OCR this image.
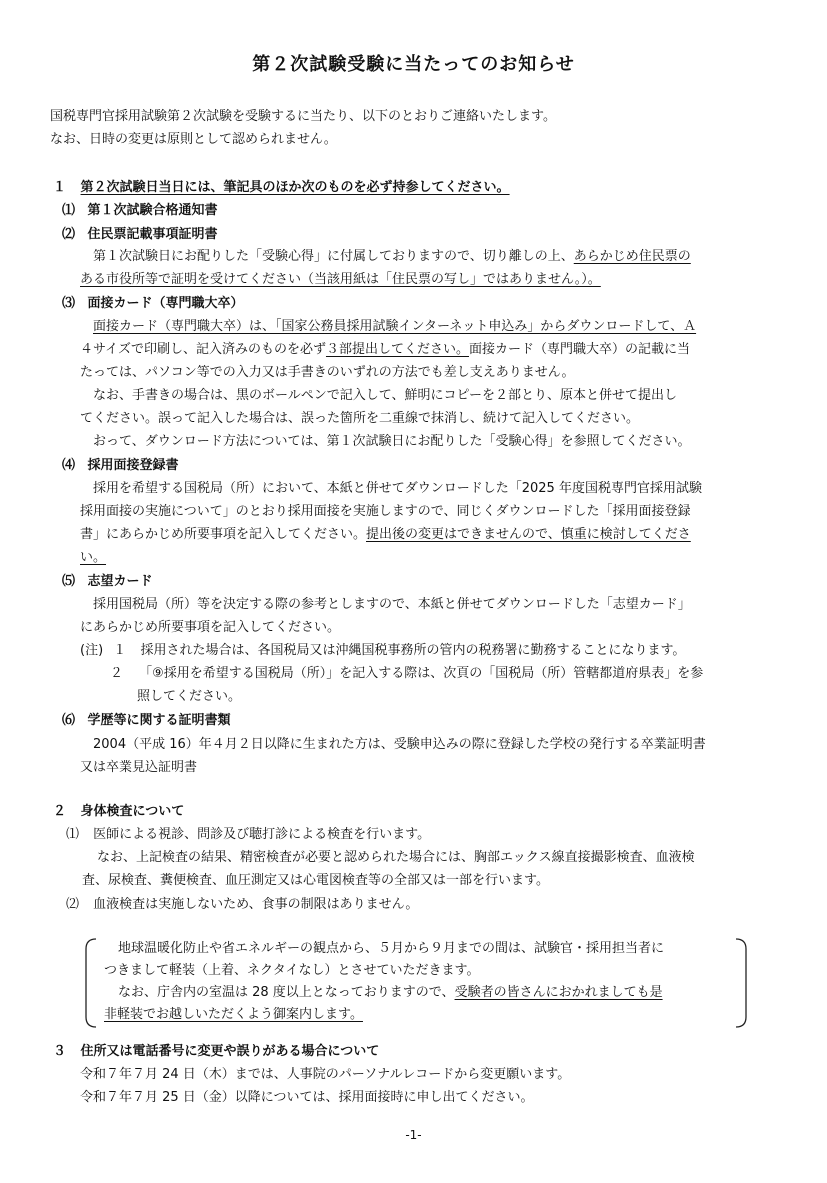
第２次試験受験に当たってのお知らせ
国税専門官採用試験第２次試験を受験するに当たり、以下のとおりご連絡いたします。
なお、日時の変更は原則として認められません。
１ 第２次試験日当日には、筆記具のほか次のものを必ず持参してください。
⑴ 第１次試験合格通知書
⑵ 住民票記載事項証明書
第１次試験日にお配りした「受験心得」に付属しておりますので、切り離しの上、あらかじめ住民票の
ある市役所等で証明を受けてください（当該用紙は「住民票の写し」ではありません。）。
⑶ 面接カード（専門職大卒）
面接カード（専門職大卒）は、「国家公務員採用試験インターネット申込み」からダウンロードして、Ａ
４サイズで印刷し、記入済みのものを必ず３部提出してください。面接カード（専門職大卒）の記載に当
たっては、パソコン等での入力又は手書きのいずれの方法でも差し支えありません。
なお、手書きの場合は、黒のボールペンで記入して、鮮明にコピーを２部とり、原本と併せて提出し
てください。誤って記入した場合は、誤った箇所を二重線で抹消し、続けて記入してください。
おって、ダウンロード方法については、第１次試験日にお配りした「受験心得」を参照してください。
⑷ 採用面接登録書
採用を希望する国税局（所）において、本紙と併せてダウンロードした「2025 年度国税専門官採用試験
採用面接の実施について」のとおり採用面接を実施しますので、同じくダウンロードした「採用面接登録
書」にあらかじめ所要事項を記入してください。提出後の変更はできませんので、慎重に検討してくださ
い。
⑸ 志望カード
採用国税局（所）等を決定する際の参考としますので、本紙と併せてダウンロードした「志望カード」
にあらかじめ所要事項を記入してください。
(注) １ 採用された場合は、各国税局又は沖縄国税事務所の管内の税務署に勤務することになります。
２ 「⑨採用を希望する国税局（所）」を記入する際は、次頁の「国税局（所）管轄都道府県表」を参
照してください。
⑹ 学歴等に関する証明書類
2004（平成 16）年４月２日以降に生まれた方は、受験申込みの際に登録した学校の発行する卒業証明書
又は卒業見込証明書
２ 身体検査について
⑴ 医師による視診、問診及び聴打診による検査を行います。
なお、上記検査の結果、精密検査が必要と認められた場合には、胸部エックス線直接撮影検査、血液検
査、尿検査、糞便検査、血圧測定又は心電図検査等の全部又は一部を行います。
⑵ 血液検査は実施しないため、食事の制限はありません。
地球温暖化防止や省エネルギーの観点から、５月から９月までの間は、試験官・採用担当者に
つきまして軽装（上着、ネクタイなし）とさせていただきます。
なお、庁舎内の室温は 28 度以上となっておりますので、受験者の皆さんにおかれましても是
非軽装でお越しいただくよう御案内します。
３ 住所又は電話番号に変更や誤りがある場合について
令和７年７月 24 日（木）までは、人事院のパーソナルレコードから変更願います。
令和７年７月 25 日（金）以降については、採用面接時に申し出てください。
-1-
